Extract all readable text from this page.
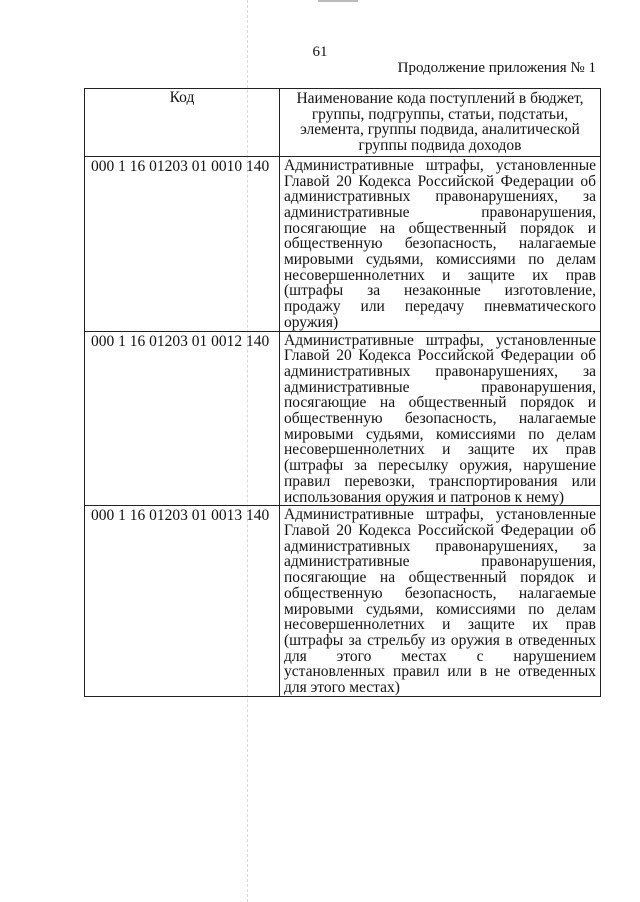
61
Продолжение приложения № 1
Код	Наименование кода поступлений в бюджет, группы, подгруппы, статьи, подстатьи, элемента, группы подвида, аналитической группы подвида доходов
000 1 16 01203 01 0010 140	Административные штрафы, установленные Главой 20 Кодекса Российской Федерации об административных правонарушениях, за административные правонарушения, посягающие на общественный порядок и общественную безопасность, налагаемые мировыми судьями, комиссиями по делам несовершеннолетних и защите их прав (штрафы за незаконные изготовление, продажу или передачу пневматического оружия)
000 1 16 01203 01 0012 140	Административные штрафы, установленные Главой 20 Кодекса Российской Федерации об административных правонарушениях, за административные правонарушения, посягающие на общественный порядок и общественную безопасность, налагаемые мировыми судьями, комиссиями по делам несовершеннолетних и защите их прав (штрафы за пересылку оружия, нарушение правил перевозки, транспортирования или использования оружия и патронов к нему)
000 1 16 01203 01 0013 140	Административные штрафы, установленные Главой 20 Кодекса Российской Федерации об административных правонарушениях, за административные правонарушения, посягающие на общественный порядок и общественную безопасность, налагаемые мировыми судьями, комиссиями по делам несовершеннолетних и защите их прав (штрафы за стрельбу из оружия в отведенных для этого местах с нарушением установленных правил или в не отведенных для этого местах)
